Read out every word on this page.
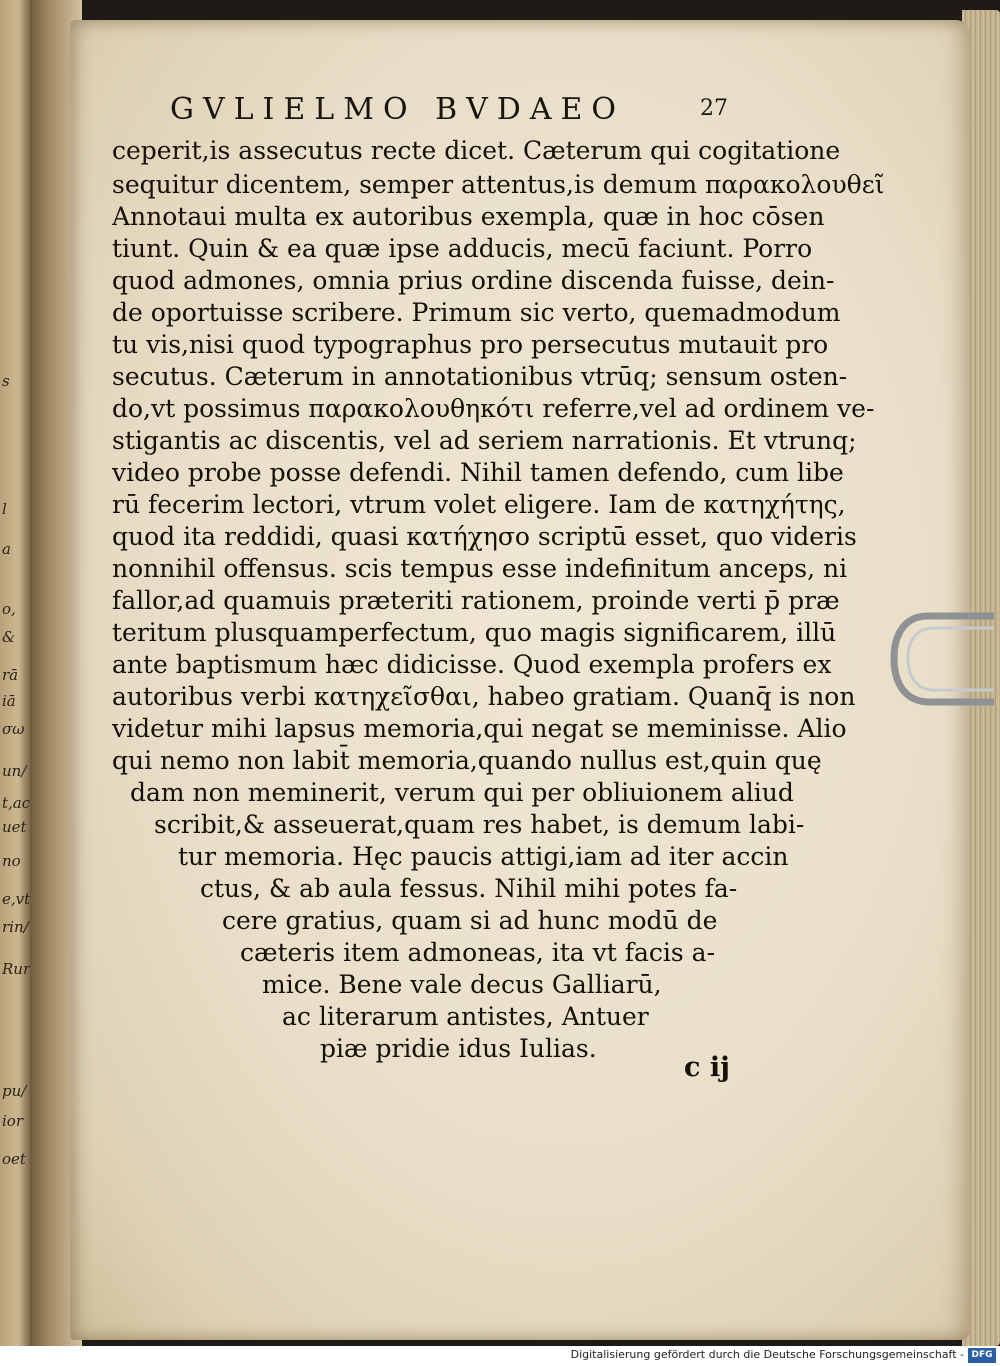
s
l
a
o,
&
rā
iā
σω
un/
t,ac
uet
no
e,vt
rin/
Rur
pu/
ior
oet
GVLIELMO BVDAEO	27
ceperit,is assecutus recte dicet. Cæterum qui cogitatione
sequitur dicentem, semper attentus,is demum παρακολουθεῖ
Annotaui multa ex autoribus exempla, quæ in hoc cōsen
tiunt. Quin & ea quæ ipse adducis, mecū faciunt. Porro
quod admones, omnia prius ordine discenda fuisse, dein-
de oportuisse scribere. Primum sic verto, quemadmodum
tu vis,nisi quod typographus pro persecutus mutauit pro
secutus. Cæterum in annotationibus vtrūq; sensum osten-
do,vt possimus παρακολουθηκότι referre,vel ad ordinem ve-
stigantis ac discentis, vel ad seriem narrationis. Et vtrunq;
video probe posse defendi. Nihil tamen defendo, cum libe
rū fecerim lectori, vtrum volet eligere. Iam de κατηχήτης,
quod ita reddidi, quasi κατήχησο scriptū esset, quo videris
nonnihil offensus. scis tempus esse indefinitum anceps, ni
fallor,ad quamuis præteriti rationem, proinde verti p̄ præ
teritum plusquamperfectum, quo magis significarem, illū
ante baptismum hæc didicisse. Quod exempla profers ex
autoribus verbi κατηχεῖσθαι, habeo gratiam. Quanq̄ is non
videtur mihi lapsus memoria,qui negat se meminisse. Alio
qui nemo non labit̄ memoria,quando nullus est,quin quę
dam non meminerit, verum qui per obliuionem aliud
scribit,& asseuerat,quam res habet, is demum labi-
tur memoria. Hęc paucis attigi,iam ad iter accin
ctus, & ab aula fessus. Nihil mihi potes fa-
cere gratius, quam si ad hunc modū de
cæteris item admoneas, ita vt facis a-
mice. Bene vale decus Galliarū,
ac literarum antistes, Antuer
piæ pridie idus Iulias.
c ij
Digitalisierung gefördert durch die Deutsche Forschungsgemeinschaft - DFG
